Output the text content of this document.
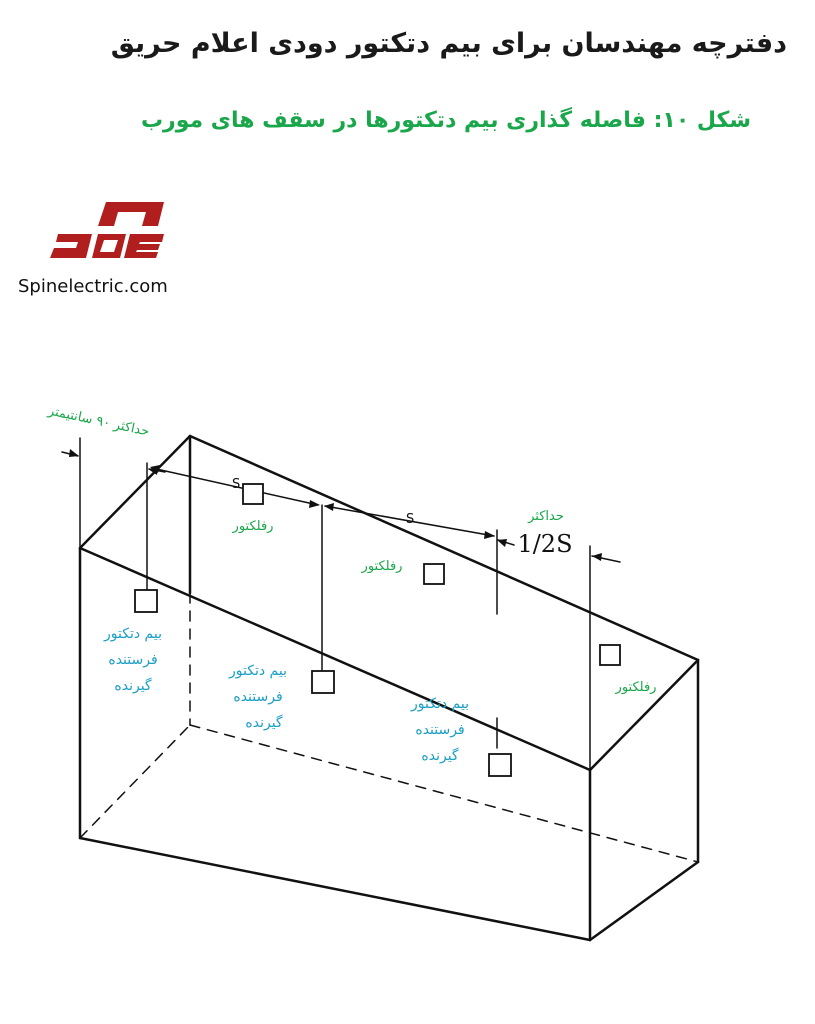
دفترچه مهندسان برای بیم دتکتور دودی اعلام حریق
شکل ۱۰: فاصله گذاری بیم دتکتورها در سقف های مورب
Spinelectric.com
حداکثر ۹۰ سانتیمتر
S
S	حداکثر
1/2S
رفلکتور
رفلکتور
رفلکتور
بیم دتکتور
فرستنده
گیرنده
بیم دتکتور
فرستنده
گیرنده
بیم دتکتور
فرستنده
گیرنده
